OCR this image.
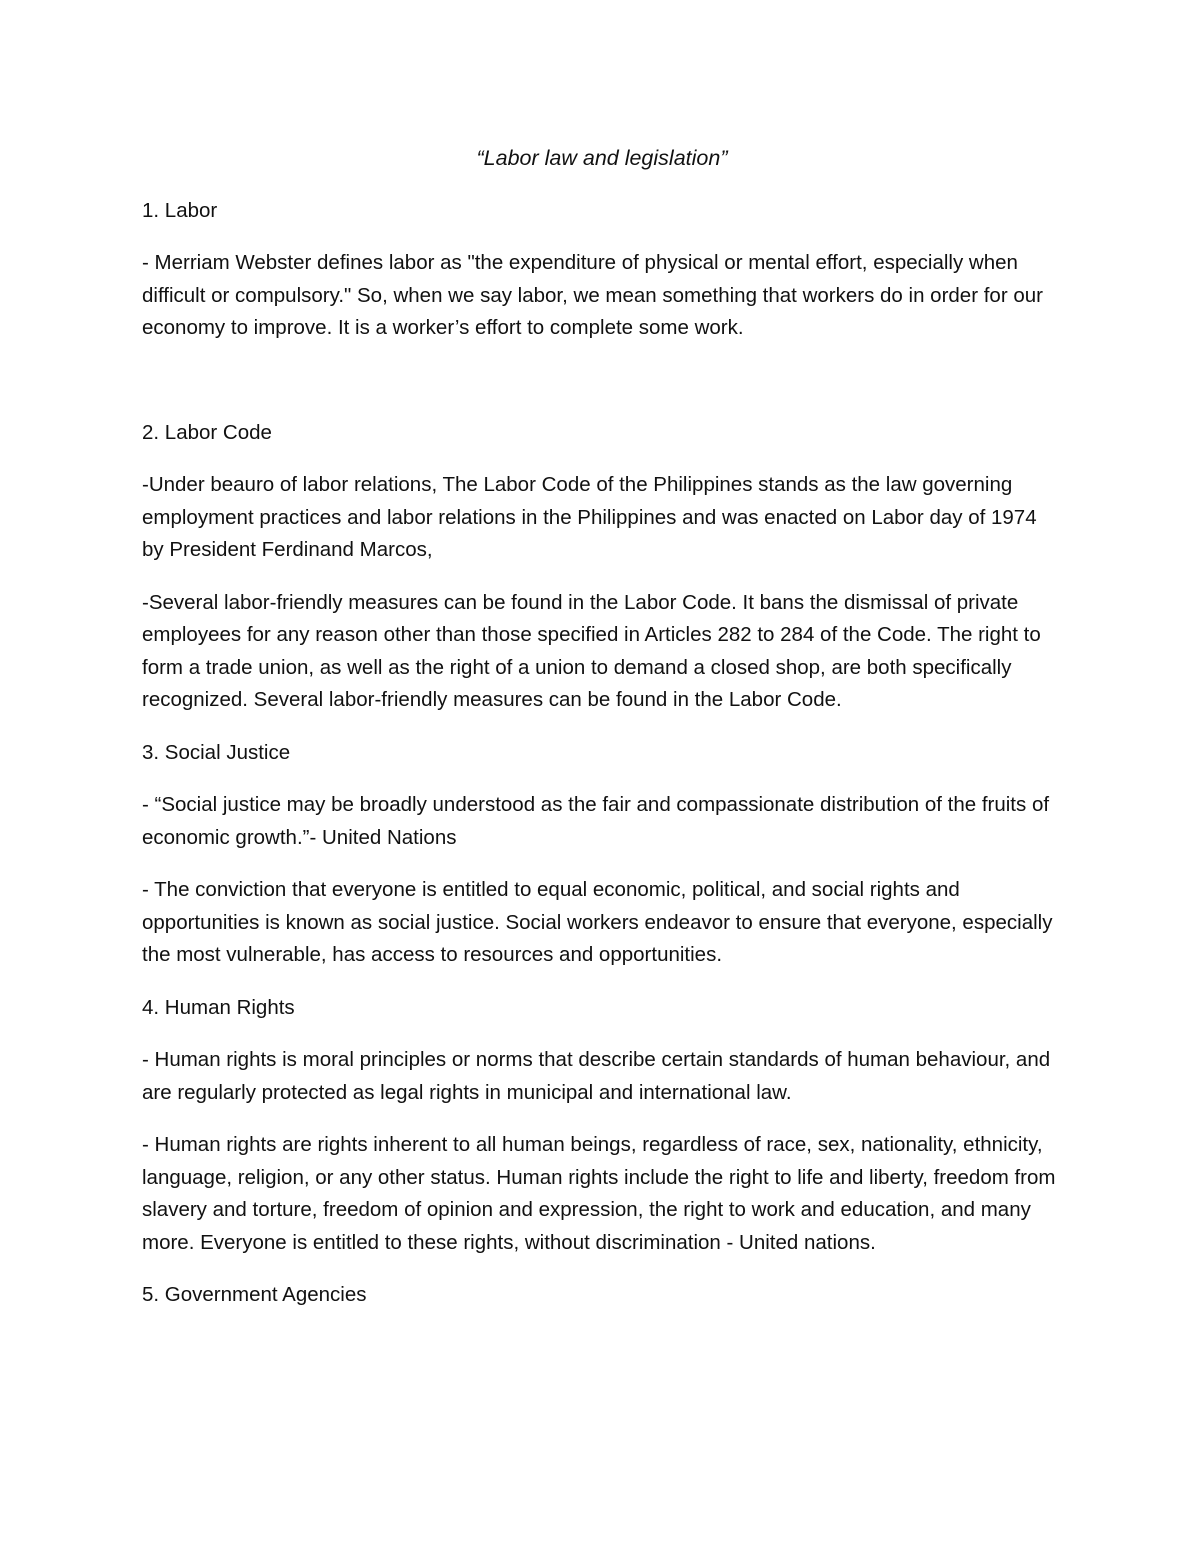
“Labor law and legislation”

1. Labor

- Merriam Webster defines labor as "the expenditure of physical or mental effort, especially when difficult or compulsory." So, when we say labor, we mean something that workers do in order for our economy to improve. It is a worker’s effort to complete some work.

2. Labor Code

-Under beauro of labor relations, The Labor Code of the Philippines stands as the law governing employment practices and labor relations in the Philippines and was enacted on Labor day of 1974 by President Ferdinand Marcos,

-Several labor-friendly measures can be found in the Labor Code. It bans the dismissal of private employees for any reason other than those specified in Articles 282 to 284 of the Code. The right to form a trade union, as well as the right of a union to demand a closed shop, are both specifically recognized. Several labor-friendly measures can be found in the Labor Code.

3. Social Justice

- “Social justice may be broadly understood as the fair and compassionate distribution of the fruits of economic growth.”- United Nations

- The conviction that everyone is entitled to equal economic, political, and social rights and opportunities is known as social justice. Social workers endeavor to ensure that everyone, especially the most vulnerable, has access to resources and opportunities.

4. Human Rights

- Human rights is moral principles or norms that describe certain standards of human behaviour, and are regularly protected as legal rights in municipal and international law.

- Human rights are rights inherent to all human beings, regardless of race, sex, nationality, ethnicity, language, religion, or any other status. Human rights include the right to life and liberty, freedom from slavery and torture, freedom of opinion and expression, the right to work and education, and many more. Everyone is entitled to these rights, without discrimination - United nations.

5. Government Agencies
